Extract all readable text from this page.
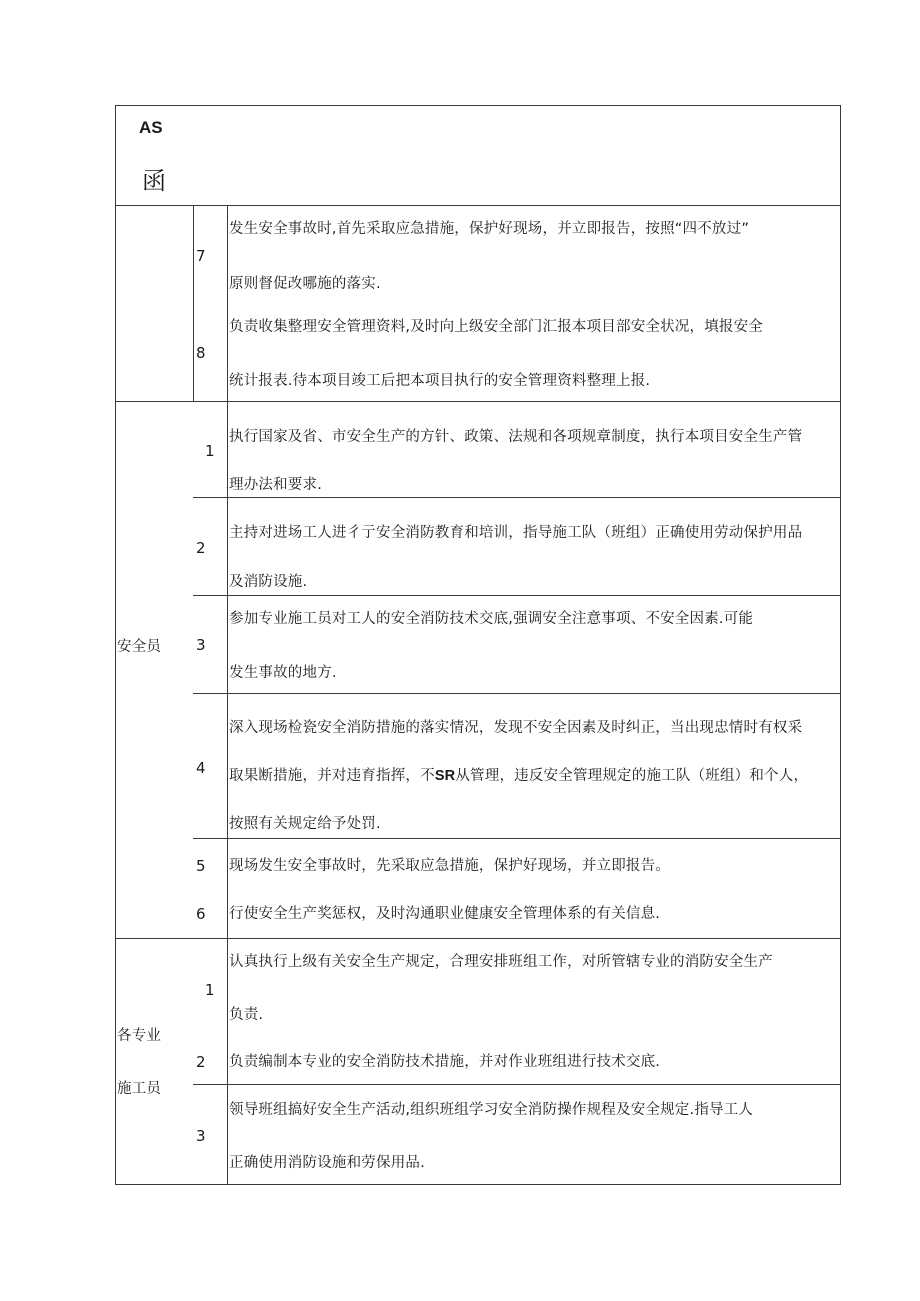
AS
函
7
发生安全事故时,首先采取应急措施，保护好现场，并立即报告，按照“四不放过”
原则督促改哪施的落实.
8
负责收集整理安全管理资料,及时向上级安全部门汇报本项目部安全状况，填报安全
统计报表.待本项目竣工后把本项目执行的安全管理资料整理上报.
安全员
1
执行国家及省、市安全生产的方针、政策、法规和各项规章制度，执行本项目安全生产管
理办法和要求.
2
主持对进场工人进彳亍安全消防教育和培训，指导施工队（班组）正确使用劳动保护用品
及消防设施.
3
参加专业施工员对工人的安全消防技术交底,强调安全注意事项、不安全因素.可能
发生事故的地方.
4
深入现场检瓷安全消防措施的落实情况，发现不安全因素及时纠正，当出现忠情时有权采
取果断措施，并对违育指挥，不SR从管理，违反安全管理规定的施工队（班组）和个人，
按照有关规定给予处罚.
5 现场发生安全事故时，先采取应急措施，保护好现场，并立即报告。
6 行使安全生产奖惩权，及时沟通职业健康安全管理体系的有关信息.
各专业
施工员
1
认真执行上级有关安全生产规定，合理安排班组工作，对所管辖专业的消防安全生产
负责.
2 负责编制本专业的安全消防技术措施，并对作业班组进行技术交底.
3
领导班组搞好安全生产活动,组织班组学习安全消防操作规程及安全规定.指导工人
正确使用消防设施和劳保用品.
